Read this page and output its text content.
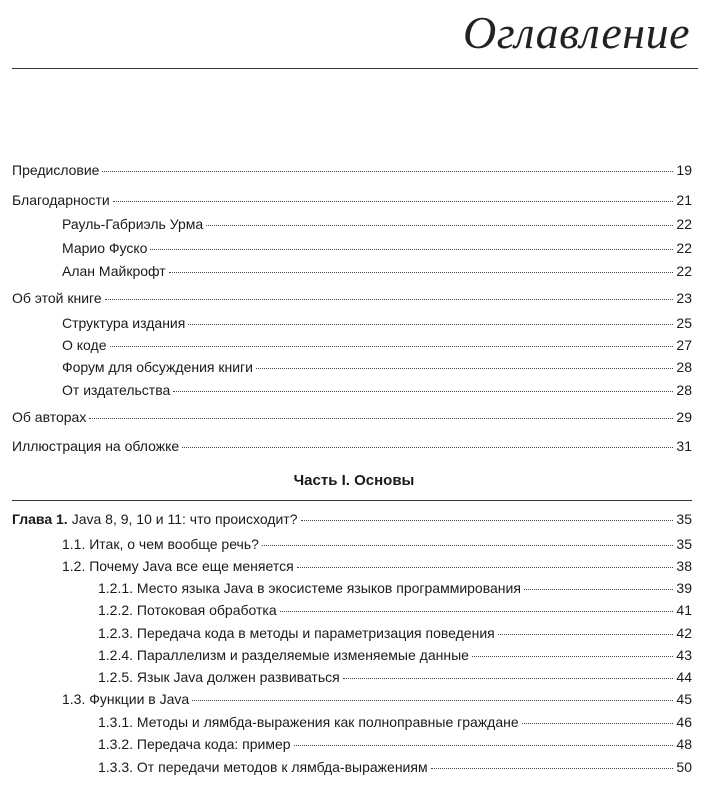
Оглавление
Предисловие	19
Благодарности	21
Рауль-Габриэль Урма	22
Марио Фуско	22
Алан Майкрофт	22
Об этой книге	23
Структура издания	25
О коде	27
Форум для обсуждения книги	28
От издательства	28
Об авторах	29
Иллюстрация на обложке	31
Часть I. Основы
Глава 1. Java 8, 9, 10 и 11: что происходит?	35
1.1. Итак, о чем вообще речь?	35
1.2. Почему Java все еще меняется	38
1.2.1. Место языка Java в экосистеме языков программирования	39
1.2.2. Потоковая обработка	41
1.2.3. Передача кода в методы и параметризация поведения	42
1.2.4. Параллелизм и разделяемые изменяемые данные	43
1.2.5. Язык Java должен развиваться	44
1.3. Функции в Java	45
1.3.1. Методы и лямбда-выражения как полноправные граждане	46
1.3.2. Передача кода: пример	48
1.3.3. От передачи методов к лямбда-выражениям	50
